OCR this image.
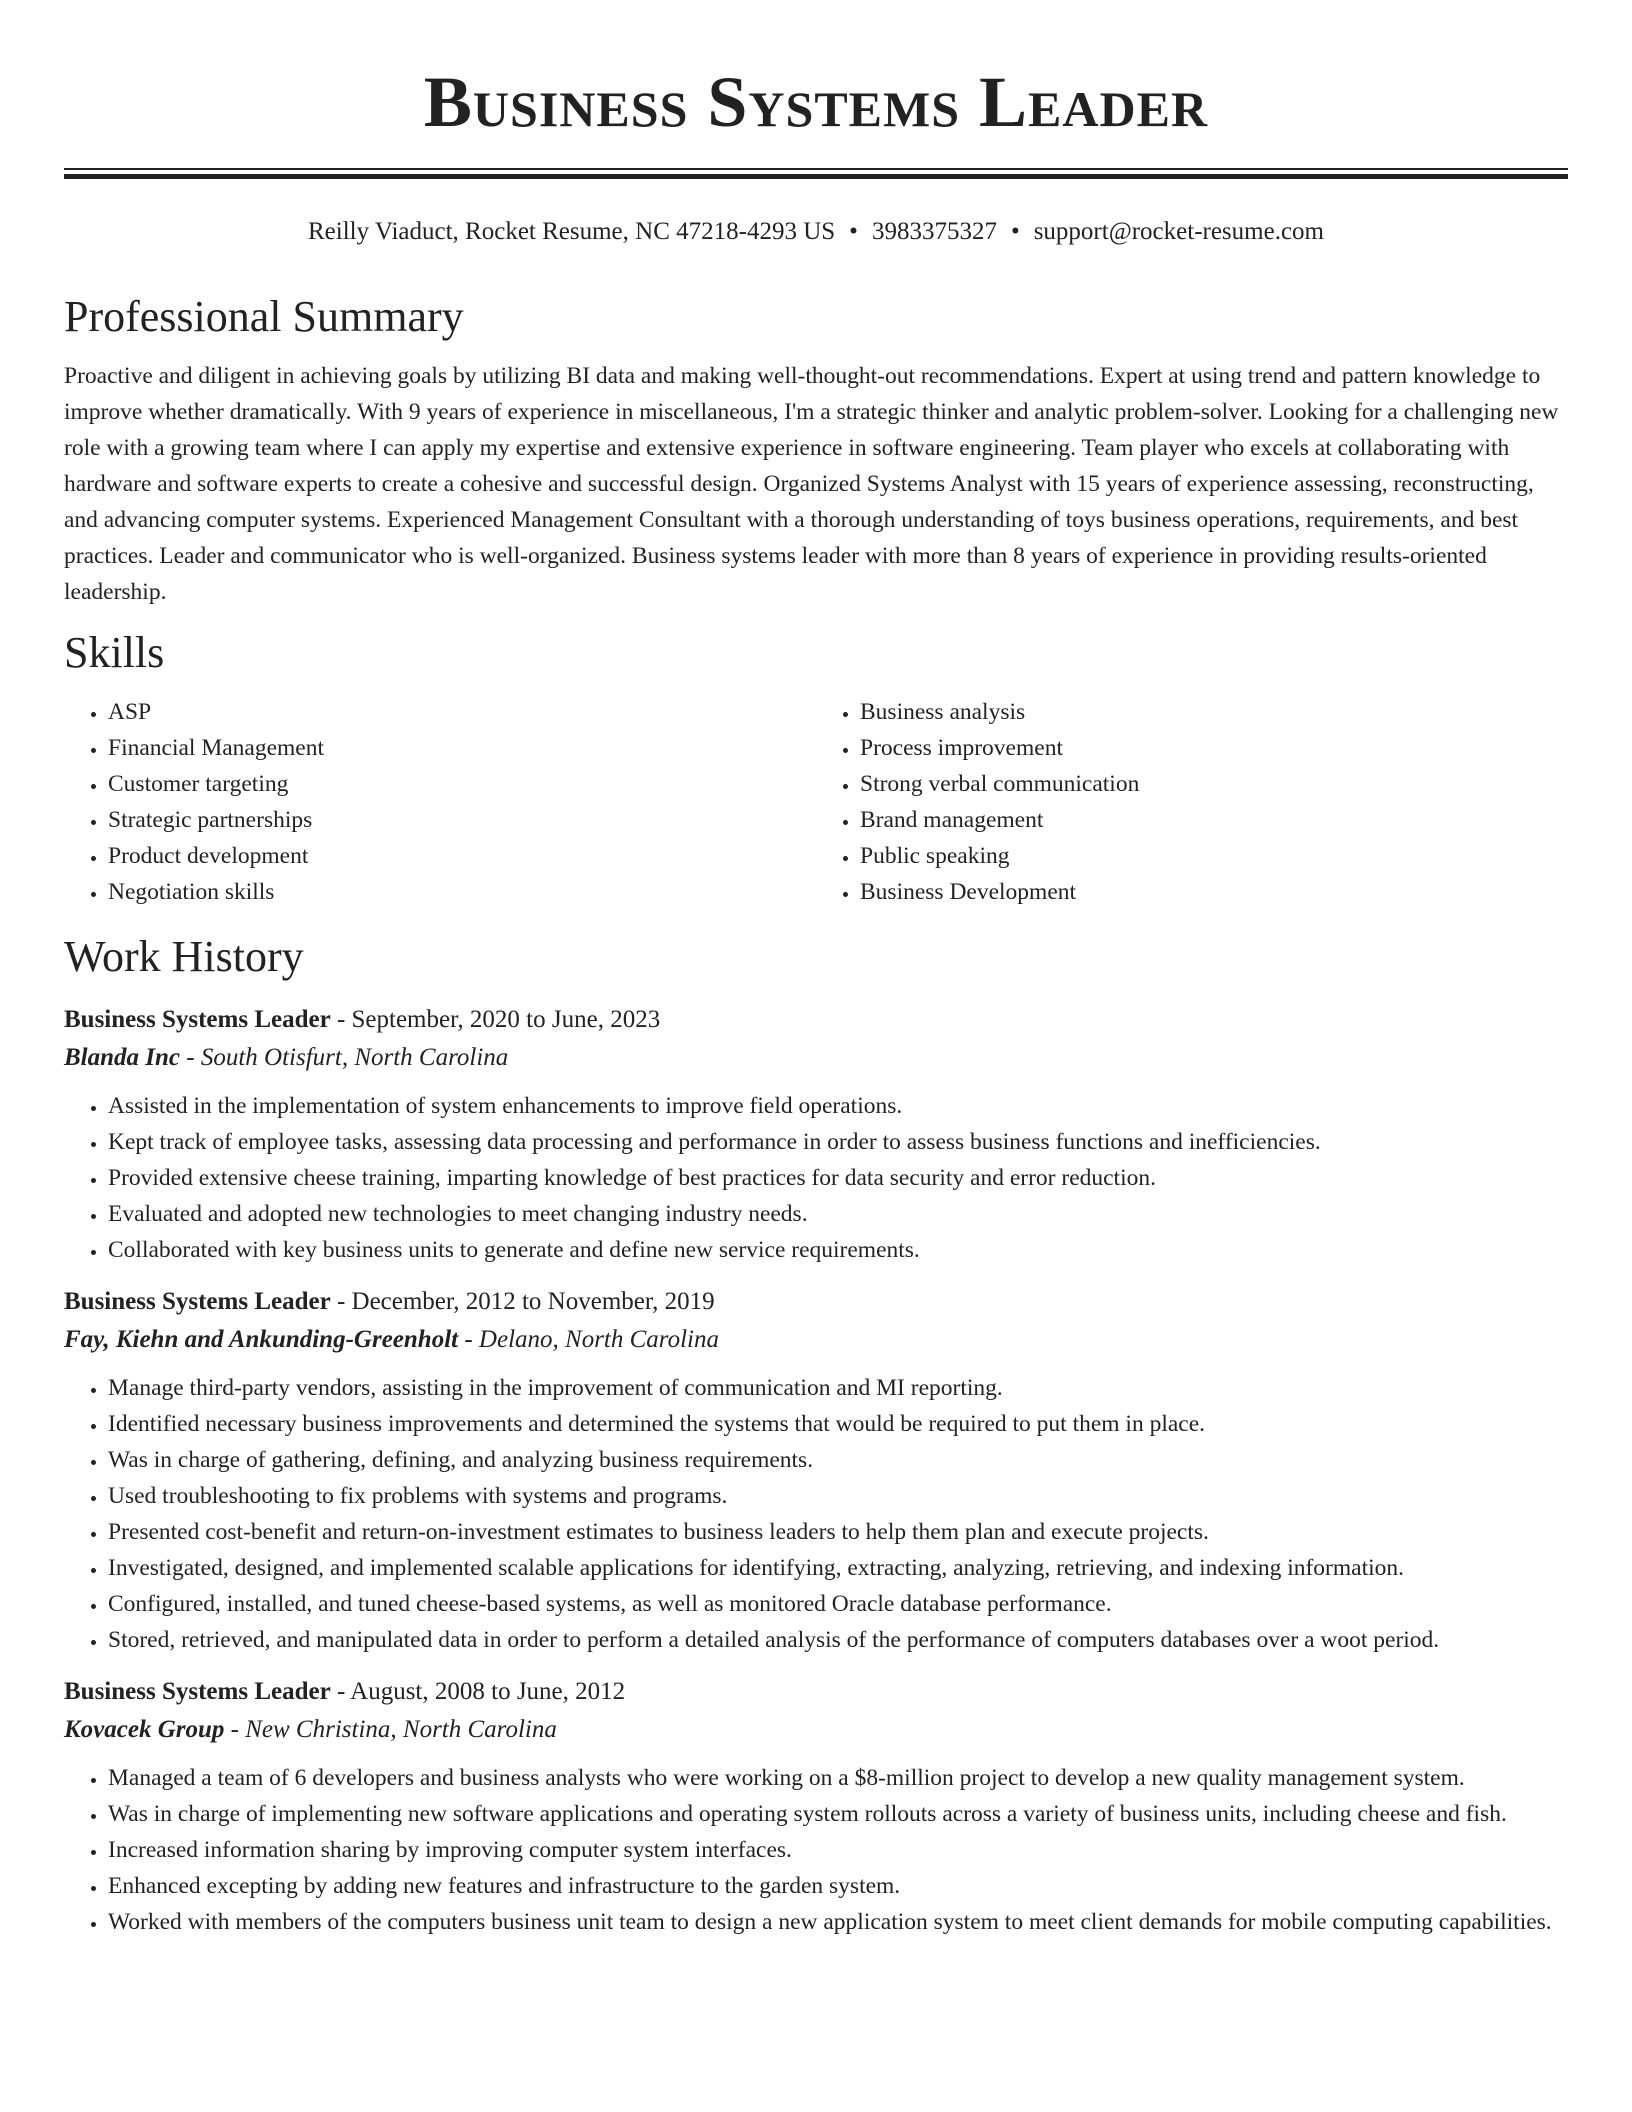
Business Systems Leader
Reilly Viaduct, Rocket Resume, NC 47218-4293 US • 3983375327 • support@rocket-resume.com
Professional Summary

Proactive and diligent in achieving goals by utilizing BI data and making well-thought-out recommendations. Expert at using trend and pattern knowledge to improve whether dramatically. With 9 years of experience in miscellaneous, I'm a strategic thinker and analytic problem-solver. Looking for a challenging new role with a growing team where I can apply my expertise and extensive experience in software engineering. Team player who excels at collaborating with hardware and software experts to create a cohesive and successful design. Organized Systems Analyst with 15 years of experience assessing, reconstructing, and advancing computer systems. Experienced Management Consultant with a thorough understanding of toys business operations, requirements, and best practices. Leader and communicator who is well-organized. Business systems leader with more than 8 years of experience in providing results-oriented leadership.

Skills
• ASP
• Financial Management
• Customer targeting
• Strategic partnerships
• Product development
• Negotiation skills
• Business analysis
• Process improvement
• Strong verbal communication
• Brand management
• Public speaking
• Business Development
Work History
Business Systems Leader - September, 2020 to June, 2023
Blanda Inc - South Otisfurt, North Carolina
• Assisted in the implementation of system enhancements to improve field operations.
• Kept track of employee tasks, assessing data processing and performance in order to assess business functions and inefficiencies.
• Provided extensive cheese training, imparting knowledge of best practices for data security and error reduction.
• Evaluated and adopted new technologies to meet changing industry needs.
• Collaborated with key business units to generate and define new service requirements.
Business Systems Leader - December, 2012 to November, 2019
Fay, Kiehn and Ankunding-Greenholt - Delano, North Carolina
• Manage third-party vendors, assisting in the improvement of communication and MI reporting.
• Identified necessary business improvements and determined the systems that would be required to put them in place.
• Was in charge of gathering, defining, and analyzing business requirements.
• Used troubleshooting to fix problems with systems and programs.
• Presented cost-benefit and return-on-investment estimates to business leaders to help them plan and execute projects.
• Investigated, designed, and implemented scalable applications for identifying, extracting, analyzing, retrieving, and indexing information.
• Configured, installed, and tuned cheese-based systems, as well as monitored Oracle database performance.
• Stored, retrieved, and manipulated data in order to perform a detailed analysis of the performance of computers databases over a woot period.
Business Systems Leader - August, 2008 to June, 2012
Kovacek Group - New Christina, North Carolina
• Managed a team of 6 developers and business analysts who were working on a $8-million project to develop a new quality management system.
• Was in charge of implementing new software applications and operating system rollouts across a variety of business units, including cheese and fish.
• Increased information sharing by improving computer system interfaces.
• Enhanced excepting by adding new features and infrastructure to the garden system.
• Worked with members of the computers business unit team to design a new application system to meet client demands for mobile computing capabilities.
